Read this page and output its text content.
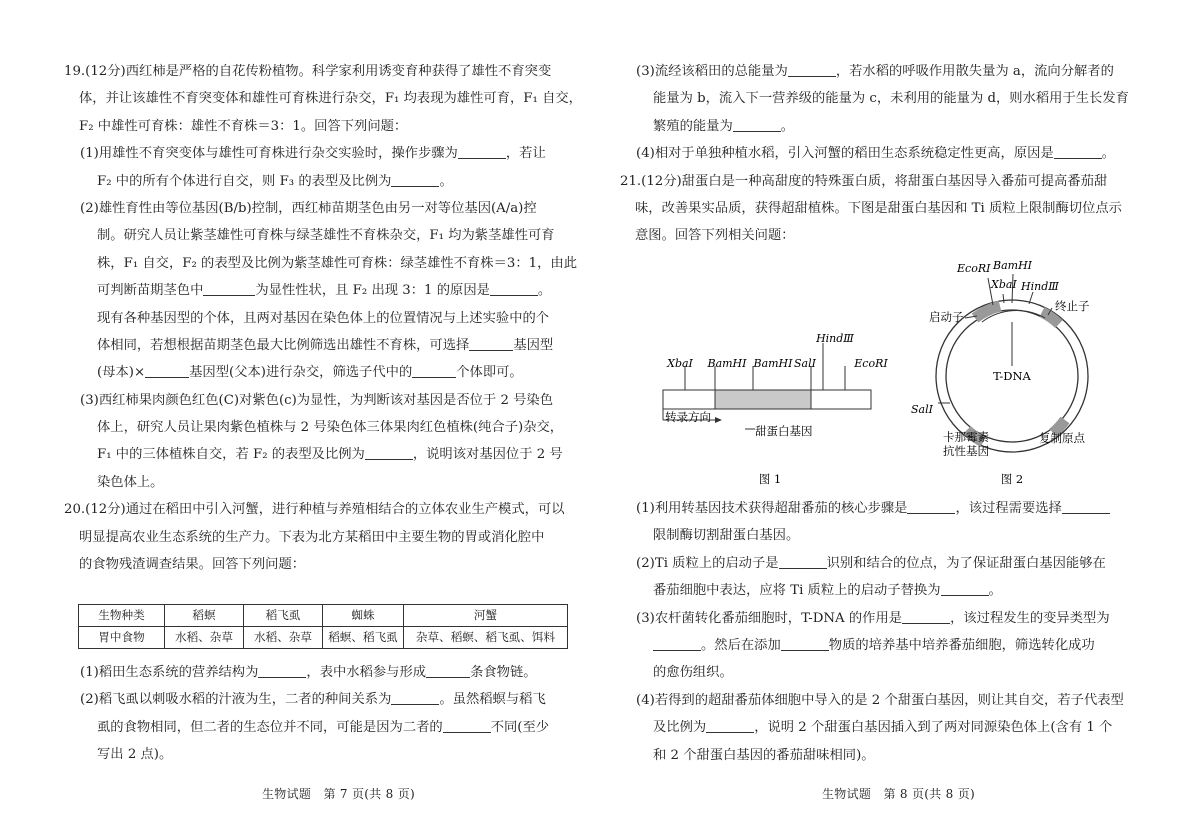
19.(12分)西红柿是严格的自花传粉植物。科学家利用诱变育种获得了雄性不育突变
体，并让该雄性不育突变体和雄性可育株进行杂交，F₁ 均表现为雄性可育，F₁ 自交，
F₂ 中雄性可育株：雄性不育株＝3：1。回答下列问题：
(1)用雄性不育突变体与雄性可育株进行杂交实验时，操作步骤为	，若让
F₂ 中的所有个体进行自交，则 F₃ 的表型及比例为	。
(2)雄性育性由等位基因(B/b)控制，西红柿苗期茎色由另一对等位基因(A/a)控
制。研究人员让紫茎雄性可育株与绿茎雄性不育株杂交，F₁ 均为紫茎雄性可育
株，F₁ 自交，F₂ 的表型及比例为紫茎雄性可育株：绿茎雄性不育株＝3：1，由此
可判断苗期茎色中	为显性性状，且 F₂ 出现 3：1 的原因是	。
现有各种基因型的个体，且两对基因在染色体上的位置情况与上述实验中的个
体相同，若想根据苗期茎色最大比例筛选出雄性不育株，可选择	基因型
(母本)×	基因型(父本)进行杂交，筛选子代中的	个体即可。
(3)西红柿果肉颜色红色(C)对紫色(c)为显性，为判断该对基因是否位于 2 号染色
体上，研究人员让果肉紫色植株与 2 号染色体三体果肉红色植株(纯合子)杂交，
F₁ 中的三体植株自交，若 F₂ 的表型及比例为	，说明该对基因位于 2 号
染色体上。
20.(12分)通过在稻田中引入河蟹，进行种植与养殖相结合的立体农业生产模式，可以
明显提高农业生态系统的生产力。下表为北方某稻田中主要生物的胃或消化腔中
的食物残渣调查结果。回答下列问题：
生物种类	稻螟	稻飞虱	蜘蛛	河蟹
胃中食物	水稻、杂草	水稻、杂草	稻螟、稻飞虱	杂草、稻螟、稻飞虱、饵料
(1)稻田生态系统的营养结构为	，表中水稻参与形成	条食物链。
(2)稻飞虱以刺吸水稻的汁液为生，二者的种间关系为	。虽然稻螟与稻飞
虱的食物相同，但二者的生态位并不同，可能是因为二者的	不同(至少
写出 2 点)。
生物试题　第 7 页(共 8 页)
(3)流经该稻田的总能量为	，若水稻的呼吸作用散失量为 a，流向分解者的
能量为 b，流入下一营养级的能量为 c，未利用的能量为 d，则水稻用于生长发育
繁殖的能量为	。
(4)相对于单独种植水稻，引入河蟹的稻田生态系统稳定性更高，原因是	。
21.(12分)甜蛋白是一种高甜度的特殊蛋白质，将甜蛋白基因导入番茄可提高番茄甜
味，改善果实品质，获得超甜植株。下图是甜蛋白基因和 Ti 质粒上限制酶切位点示
意图。回答下列相关问题：
XbaⅠ BamHⅠ BamHⅠ SalⅠ
HindⅢ
EcoRⅠ
转录方向
甜蛋白基因
图 1
T-DNA
EcoRⅠ BamHⅠ
XbaⅠ HindⅢ
启动子
终止子
SalⅠ
卡那霉素
抗性基因
复制原点
图 2
(1)利用转基因技术获得超甜番茄的核心步骤是	，该过程需要选择
限制酶切割甜蛋白基因。
(2)Ti 质粒上的启动子是	识别和结合的位点，为了保证甜蛋白基因能够在
番茄细胞中表达，应将 Ti 质粒上的启动子替换为	。
(3)农杆菌转化番茄细胞时，T-DNA 的作用是	，该过程发生的变异类型为
。然后在添加	物质的培养基中培养番茄细胞，筛选转化成功
的愈伤组织。
(4)若得到的超甜番茄体细胞中导入的是 2 个甜蛋白基因，则让其自交，若子代表型
及比例为	，说明 2 个甜蛋白基因插入到了两对同源染色体上(含有 1 个
和 2 个甜蛋白基因的番茄甜味相同)。
生物试题　第 8 页(共 8 页)
